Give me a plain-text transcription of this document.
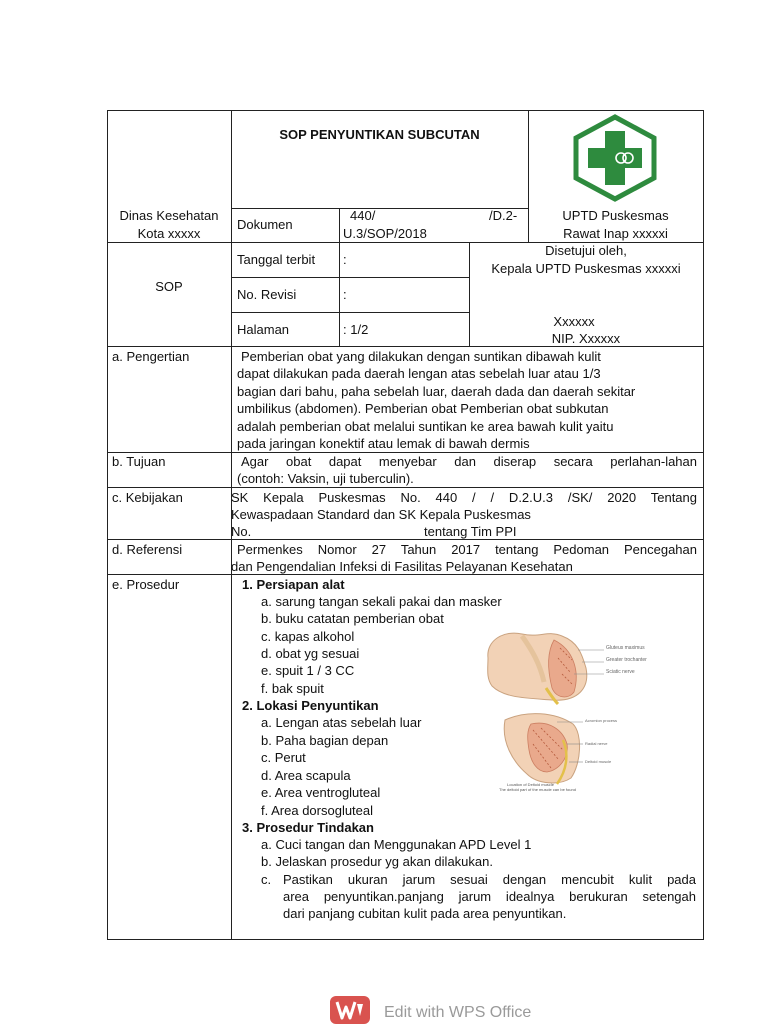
SOP PENYUNTIKAN SUBCUTAN
Dinas Kesehatan
Kota xxxxx
Dokumen
440/	/D.2-
U.3/SOP/2018
UPTD Puskesmas
Rawat Inap xxxxxi
SOP
Tanggal terbit :
No. Revisi	:
Halaman	: 1/2
Disetujui oleh,
Kepala UPTD Puskesmas xxxxxi
Xxxxxx
NIP. Xxxxxx
a. Pengertian	Pemberian obat yang dilakukan dengan suntikan dibawah kulit
dapat dilakukan pada daerah lengan atas sebelah luar atau 1/3
bagian dari bahu, paha sebelah luar, daerah dada dan daerah sekitar
umbilikus (abdomen). Pemberian obat Pemberian obat subkutan
adalah pemberian obat melalui suntikan ke area bawah kulit yaitu
pada jaringan konektif atau lemak di bawah dermis
b. Tujuan	Agar obat dapat menyebar dan diserap secara perlahan-lahan
(contoh: Vaksin, uji tuberculin).
c. Kebijakan	SK Kepala Puskesmas No. 440 / / D.2.U.3 /SK/ 2020 Tentang
Kewaspadaan Standard dan SK Kepala Puskesmas
No.	tentang Tim PPI
d. Referensi	Permenkes Nomor 27 Tahun 2017 tentang Pedoman Pencegahan
dan Pengendalian Infeksi di Fasilitas Pelayanan Kesehatan
e. Prosedur	1. Persiapan alat
a. sarung tangan sekali pakai dan masker
b. buku catatan pemberian obat
c. kapas alkohol
d. obat yg sesuai
e. spuit 1 / 3 CC
f. bak spuit
2. Lokasi Penyuntikan
a. Lengan atas sebelah luar
b. Paha bagian depan
c. Perut
d. Area scapula
e. Area ventrogluteal
f. Area dorsogluteal
3. Prosedur Tindakan
a. Cuci tangan dan Menggunakan APD Level 1
b. Jelaskan prosedur yg akan dilakukan.
c. Pastikan ukuran jarum sesuai dengan mencubit kulit pada
area penyuntikan.panjang jarum idealnya berukuran setengah
dari panjang cubitan kulit pada area penyuntikan.
Gluteus maximus
Greater trochanter
Sciatic nerve
Acromion process
Radial nerve
Deltoid muscle
Location of Deltoid muscle
The deltoid part of the muscle can be found
Edit with WPS Office
